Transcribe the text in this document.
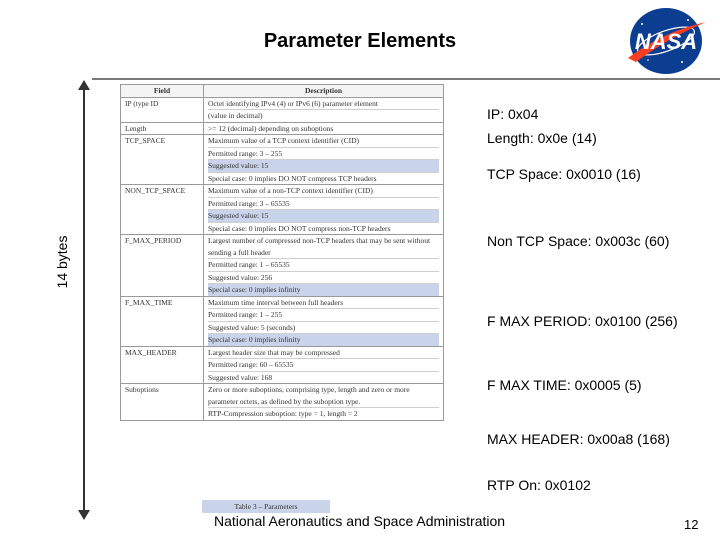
Parameter Elements	NASA
14 bytes
Field	Description
IP (type ID	Octet identifying IPv4 (4) or IPv6 (6) parameter element
(value in decimal)

Length	>= 12 (decimal) depending on suboptions

TCP_SPACE	Maximum value of a TCP context identifier (CID)
Permitted range: 3 – 255
Suggested value: 15
Special case: 0 implies DO NOT compress TCP headers

NON_TCP_SPACE	Maximum value of a non-TCP context identifier (CID)
Permitted range: 3 – 65535
Suggested value: 15
Special case: 0 implies DO NOT compress non-TCP headers

F_MAX_PERIOD	Largest number of compressed non-TCP headers that may be sent without sending a full header
Permitted range: 1 – 65535
Suggested value: 256
Special case: 0 implies infinity

F_MAX_TIME	Maximum time interval between full headers
Permitted range: 1 – 255
Suggested value: 5 (seconds)
Special case: 0 implies infinity

MAX_HEADER	Largest header size that may be compressed
Permitted range: 60 – 65535
Suggested value: 168

Suboptions	Zero or more suboptions, comprising type, length and zero or more parameter octets, as defined by the suboption type.
RTP-Compression suboption: type = 1, length = 2
Table 3 – Parameters
IP: 0x04
Length: 0x0e (14)
TCP Space: 0x0010 (16)
Non TCP Space: 0x003c (60)
F MAX PERIOD: 0x0100 (256)
F MAX TIME: 0x0005 (5)
MAX HEADER: 0x00a8 (168)
RTP On: 0x0102
National Aeronautics and Space Administration	12
